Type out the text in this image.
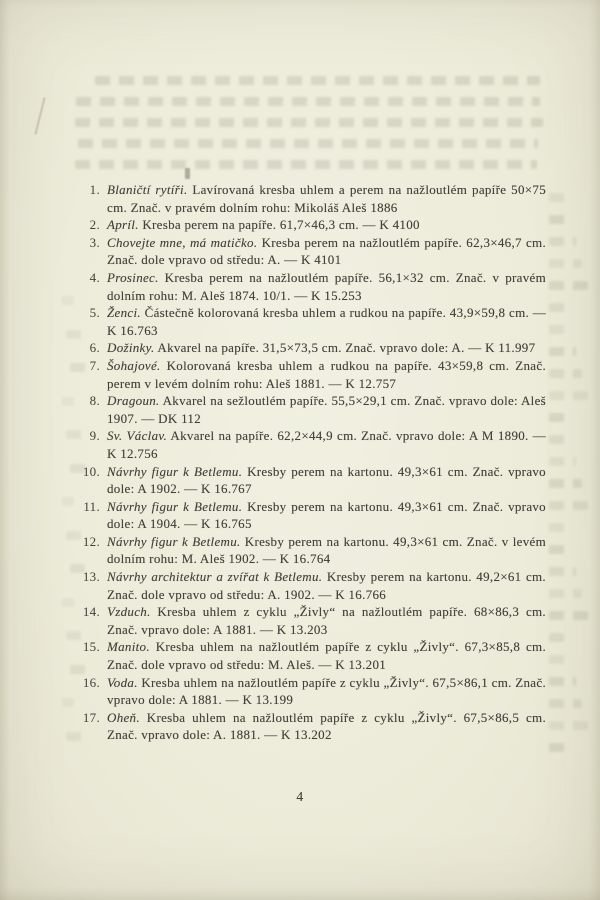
1. Blaničtí rytíři. Lavírovaná kresba uhlem a perem na nažloutlém papíře 50×75 cm. Znač. v pravém dolním rohu: Mikoláš Aleš 1886
2. Apríl. Kresba perem na papíře. 61,7×46,3 cm. — K 4100
3. Chovejte mne, má matičko. Kresba perem na nažloutlém papíře. 62,3×46,7 cm. Znač. dole vpravo od středu: A. — K 4101
4. Prosinec. Kresba perem na nažloutlém papíře. 56,1×32 cm. Znač. v pravém dolním rohu: M. Aleš 1874. 10/1. — K 15.253
5. Ženci. Částečně kolorovaná kresba uhlem a rudkou na papíře. 43,9×59,8 cm. — K 16.763
6. Dožinky. Akvarel na papíře. 31,5×73,5 cm. Znač. vpravo dole: A. — K 11.997
7. Šohajové. Kolorovaná kresba uhlem a rudkou na papíře. 43×59,8 cm. Znač. perem v levém dolním rohu: Aleš 1881. — K 12.757
8. Dragoun. Akvarel na sežloutlém papíře. 55,5×29,1 cm. Znač. vpravo dole: Aleš 1907. — DK 112
9. Sv. Václav. Akvarel na papíře. 62,2×44,9 cm. Znač. vpravo dole: A M 1890. — K 12.756
10. Návrhy figur k Betlemu. Kresby perem na kartonu. 49,3×61 cm. Znač. vpravo dole: A 1902. — K 16.767
11. Návrhy figur k Betlemu. Kresby perem na kartonu. 49,3×61 cm. Znač. vpravo dole: A 1904. — K 16.765
12. Návrhy figur k Betlemu. Kresby perem na kartonu. 49,3×61 cm. Znač. v levém dolním rohu: M. Aleš 1902. — K 16.764
13. Návrhy architektur a zvířat k Betlemu. Kresby perem na kartonu. 49,2×61 cm. Znač. dole vpravo od středu: A. 1902. — K 16.766
14. Vzduch. Kresba uhlem z cyklu „Živly“ na nažloutlém papíře. 68×86,3 cm. Znač. vpravo dole: A 1881. — K 13.203
15. Manito. Kresba uhlem na nažloutlém papíře z cyklu „Živly“. 67,3×85,8 cm. Znač. dole vpravo od středu: M. Aleš. — K 13.201
16. Voda. Kresba uhlem na nažloutlém papíře z cyklu „Živly“. 67,5×86,1 cm. Znač. vpravo dole: A 1881. — K 13.199
17. Oheň. Kresba uhlem na nažloutlém papíře z cyklu „Živly“. 67,5×86,5 cm. Znač. vpravo dole: A. 1881. — K 13.202
4
